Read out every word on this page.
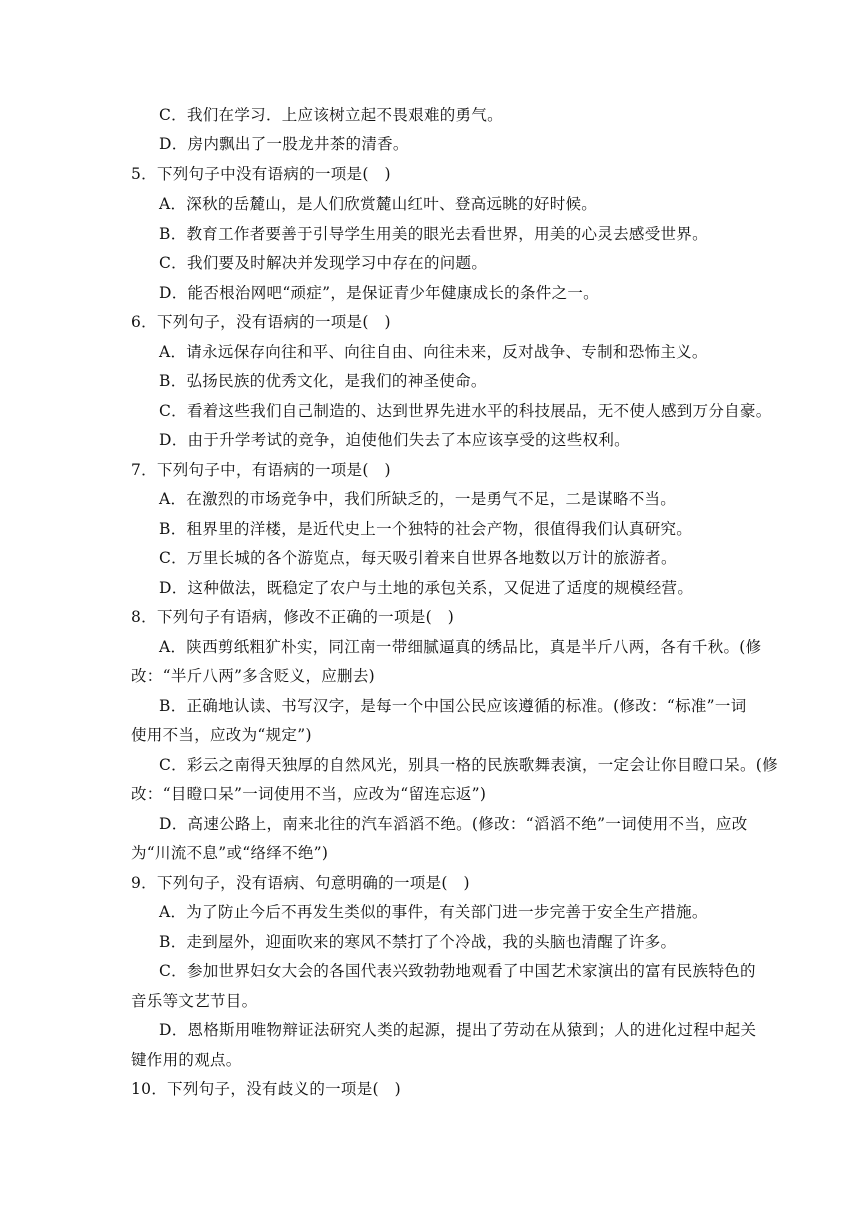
C．我们在学习．上应该树立起不畏艰难的勇气。
D．房内飘出了一股龙井茶的清香。
5．下列句子中没有语病的一项是(　)
A．深秋的岳麓山，是人们欣赏麓山红叶、登高远眺的好时候。
B．教育工作者要善于引导学生用美的眼光去看世界，用美的心灵去感受世界。
C．我们要及时解决并发现学习中存在的问题。
D．能否根治网吧“顽症”，是保证青少年健康成长的条件之一。
6．下列句子，没有语病的一项是(　)
A．请永远保存向往和平、向往自由、向往未来，反对战争、专制和恐怖主义。
B．弘扬民族的优秀文化，是我们的神圣使命。
C．看着这些我们自己制造的、达到世界先进水平的科技展品，无不使人感到万分自豪。
D．由于升学考试的竞争，迫使他们失去了本应该享受的这些权利。
7．下列句子中，有语病的一项是(　)
A．在激烈的市场竞争中，我们所缺乏的，一是勇气不足，二是谋略不当。
B．租界里的洋楼，是近代史上一个独特的社会产物，很值得我们认真研究。
C．万里长城的各个游览点，每天吸引着来自世界各地数以万计的旅游者。
D．这种做法，既稳定了农户与土地的承包关系，又促进了适度的规模经营。
8．下列句子有语病，修改不正确的一项是(　)
A．陕西剪纸粗犷朴实，同江南一带细腻逼真的绣品比，真是半斤八两，各有千秋。(修
改：“半斤八两”多含贬义，应删去)
B．正确地认读、书写汉字，是每一个中国公民应该遵循的标准。(修改：“标准”一词
使用不当，应改为“规定”)
C．彩云之南得天独厚的自然风光，别具一格的民族歌舞表演，一定会让你目瞪口呆。(修
改：“目瞪口呆”一词使用不当，应改为“留连忘返”)
D．高速公路上，南来北往的汽车滔滔不绝。(修改：“滔滔不绝”一词使用不当，应改
为“川流不息”或“络绎不绝”)
9．下列句子，没有语病、句意明确的一项是(　)
A．为了防止今后不再发生类似的事件，有关部门进一步完善于安全生产措施。
B．走到屋外，迎面吹来的寒风不禁打了个冷战，我的头脑也清醒了许多。
C．参加世界妇女大会的各国代表兴致勃勃地观看了中国艺术家演出的富有民族特色的
音乐等文艺节目。
D．恩格斯用唯物辩证法研究人类的起源，提出了劳动在从猿到；人的进化过程中起关
键作用的观点。
10．下列句子，没有歧义的一项是(　)
